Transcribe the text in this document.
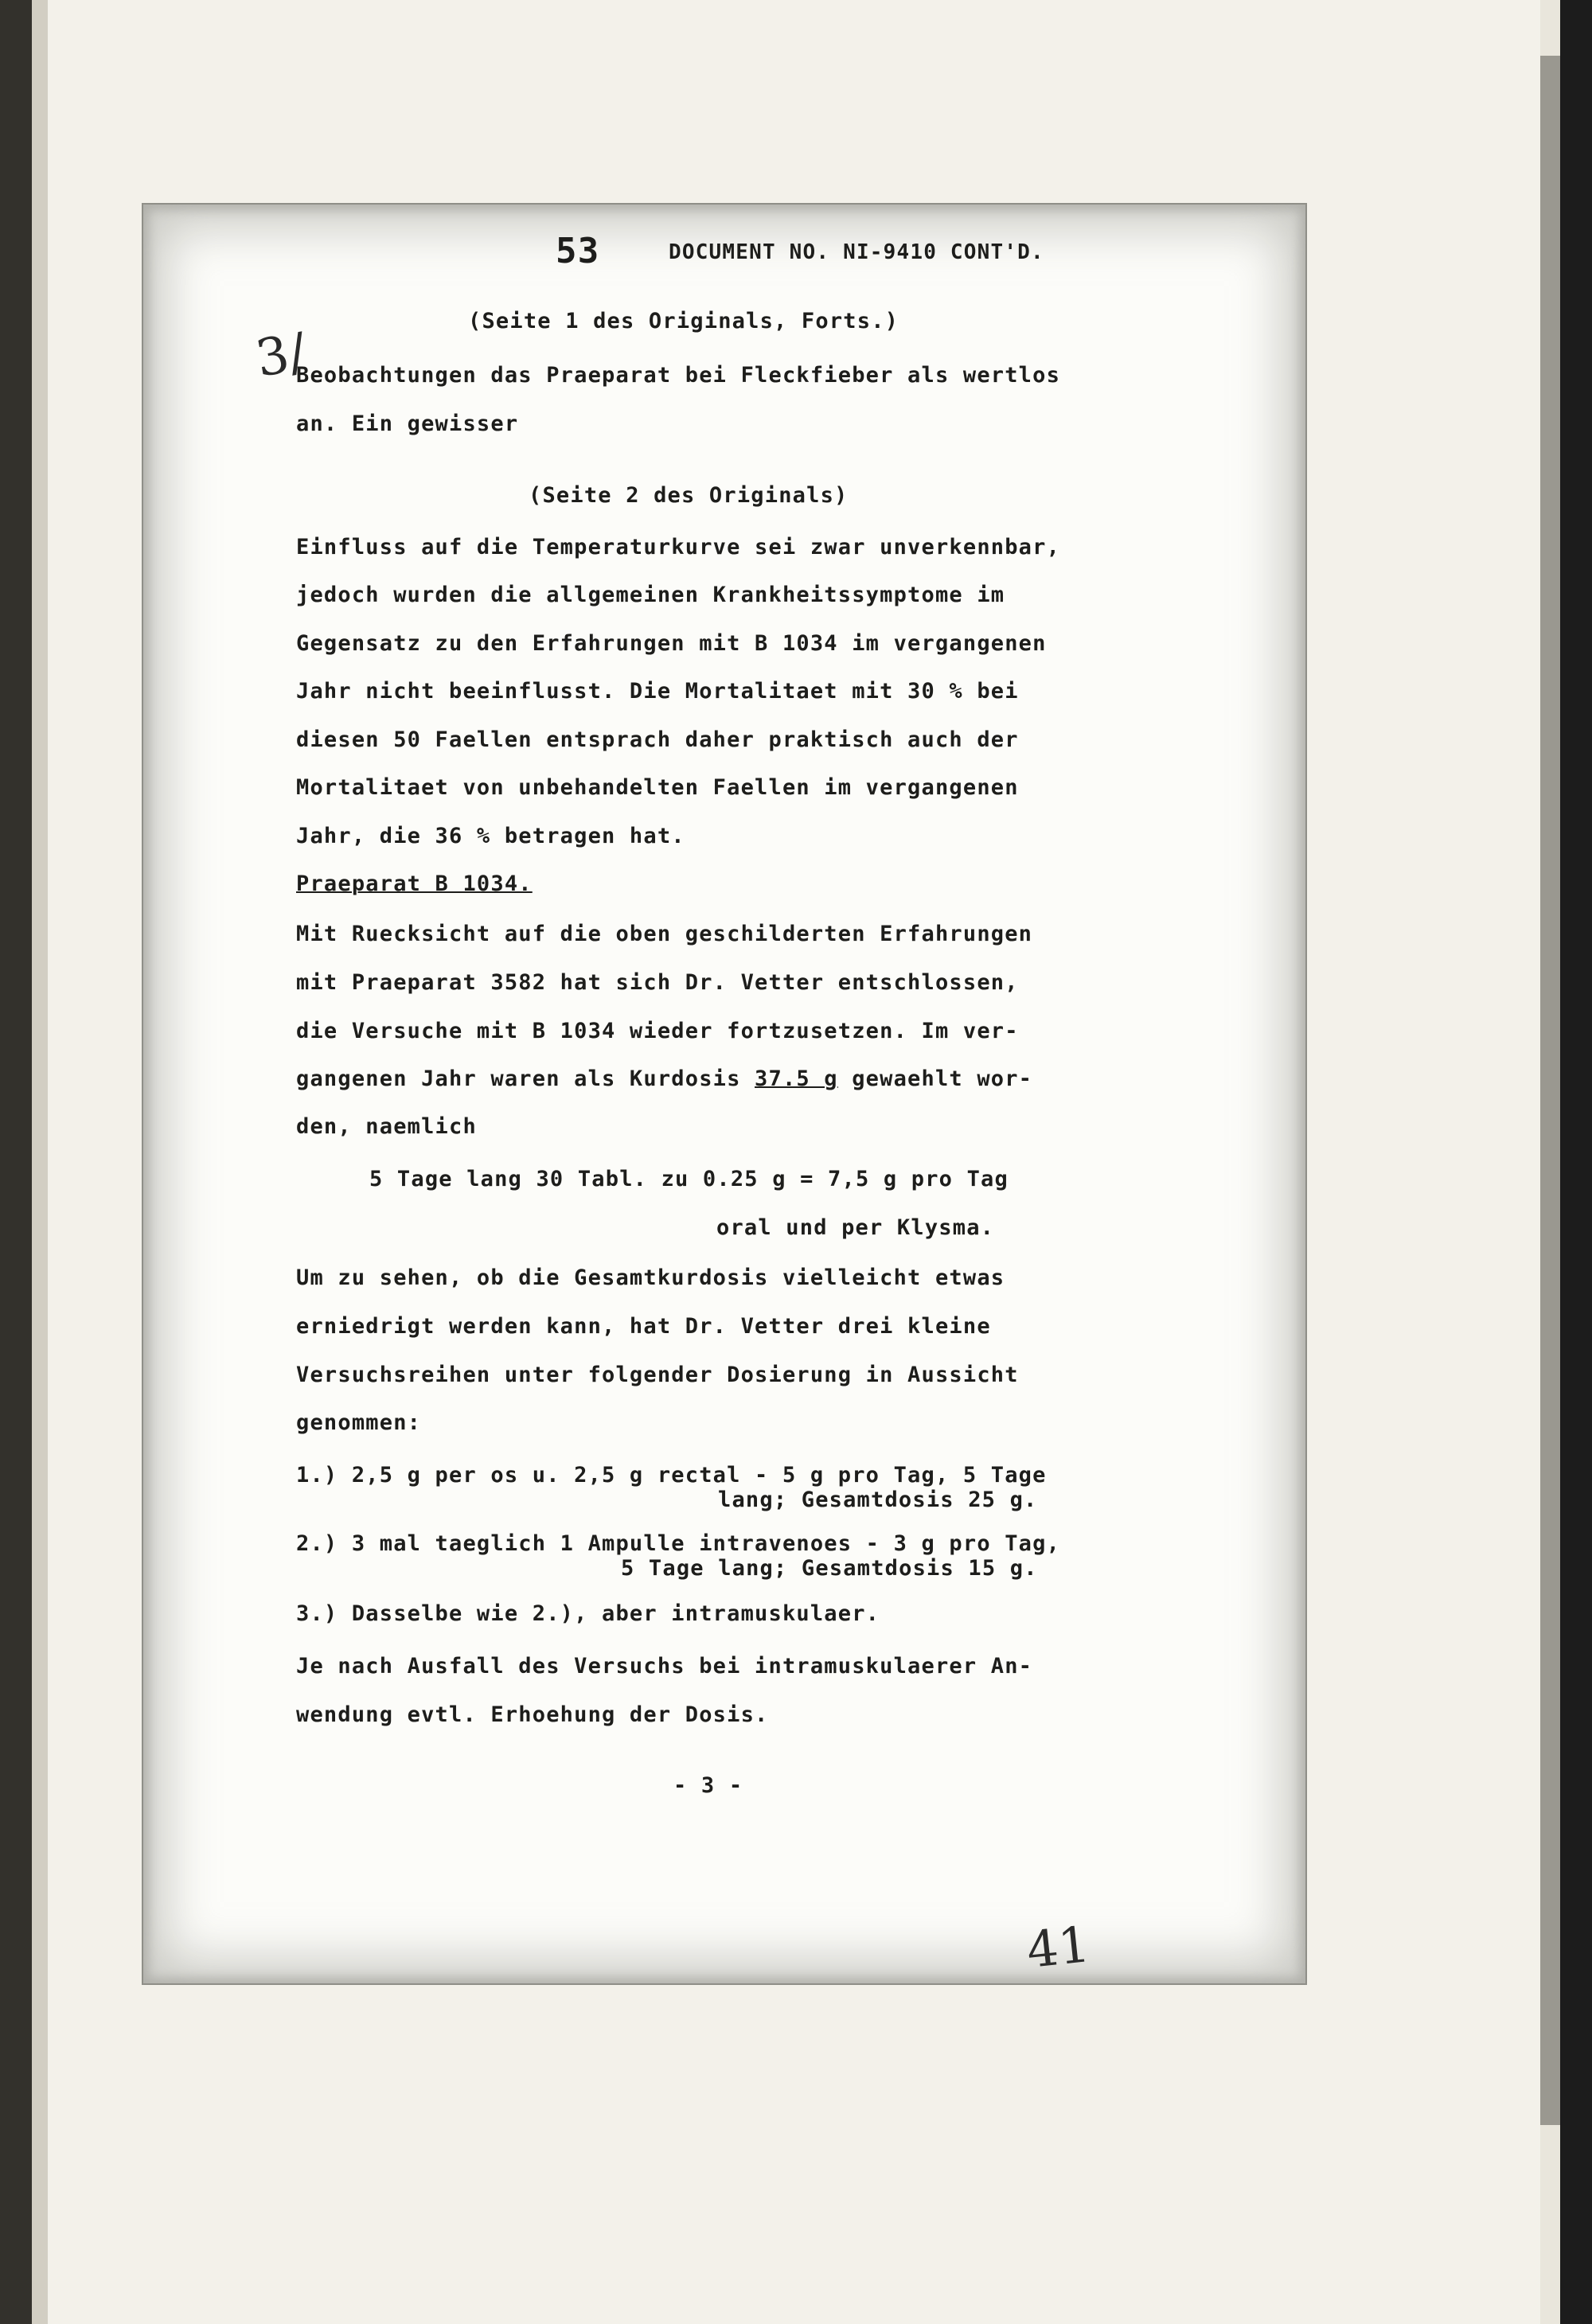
53	DOCUMENT NO. NI-9410 CONT'D.
(Seite 1 des Originals, Forts.)
3/
Beobachtungen das Praeparat bei Fleckfieber als wertlos
an. Ein gewisser
(Seite 2 des Originals)
Einfluss auf die Temperaturkurve sei zwar unverkennbar,
jedoch wurden die allgemeinen Krankheitssymptome im
Gegensatz zu den Erfahrungen mit B 1034 im vergangenen
Jahr nicht beeinflusst. Die Mortalitaet mit 30 % bei
diesen 50 Faellen entsprach daher praktisch auch der
Mortalitaet von unbehandelten Faellen im vergangenen
Jahr, die 36 % betragen hat.
Praeparat B 1034.
Mit Ruecksicht auf die oben geschilderten Erfahrungen
mit Praeparat 3582 hat sich Dr. Vetter entschlossen,
die Versuche mit B 1034 wieder fortzusetzen. Im ver-
gangenen Jahr waren als Kurdosis 37.5 g gewaehlt wor-
den, naemlich
5 Tage lang 30 Tabl. zu 0.25 g = 7,5 g pro Tag
oral und per Klysma.
Um zu sehen, ob die Gesamtkurdosis vielleicht etwas
erniedrigt werden kann, hat Dr. Vetter drei kleine
Versuchsreihen unter folgender Dosierung in Aussicht
genommen:
1.) 2,5 g per os u. 2,5 g rectal - 5 g pro Tag, 5 Tage
lang; Gesamtdosis 25 g.
2.) 3 mal taeglich 1 Ampulle intravenoes - 3 g pro Tag,
5 Tage lang; Gesamtdosis 15 g.
3.) Dasselbe wie 2.), aber intramuskulaer.
Je nach Ausfall des Versuchs bei intramuskulaerer An-
wendung evtl. Erhoehung der Dosis.
- 3 -
41
